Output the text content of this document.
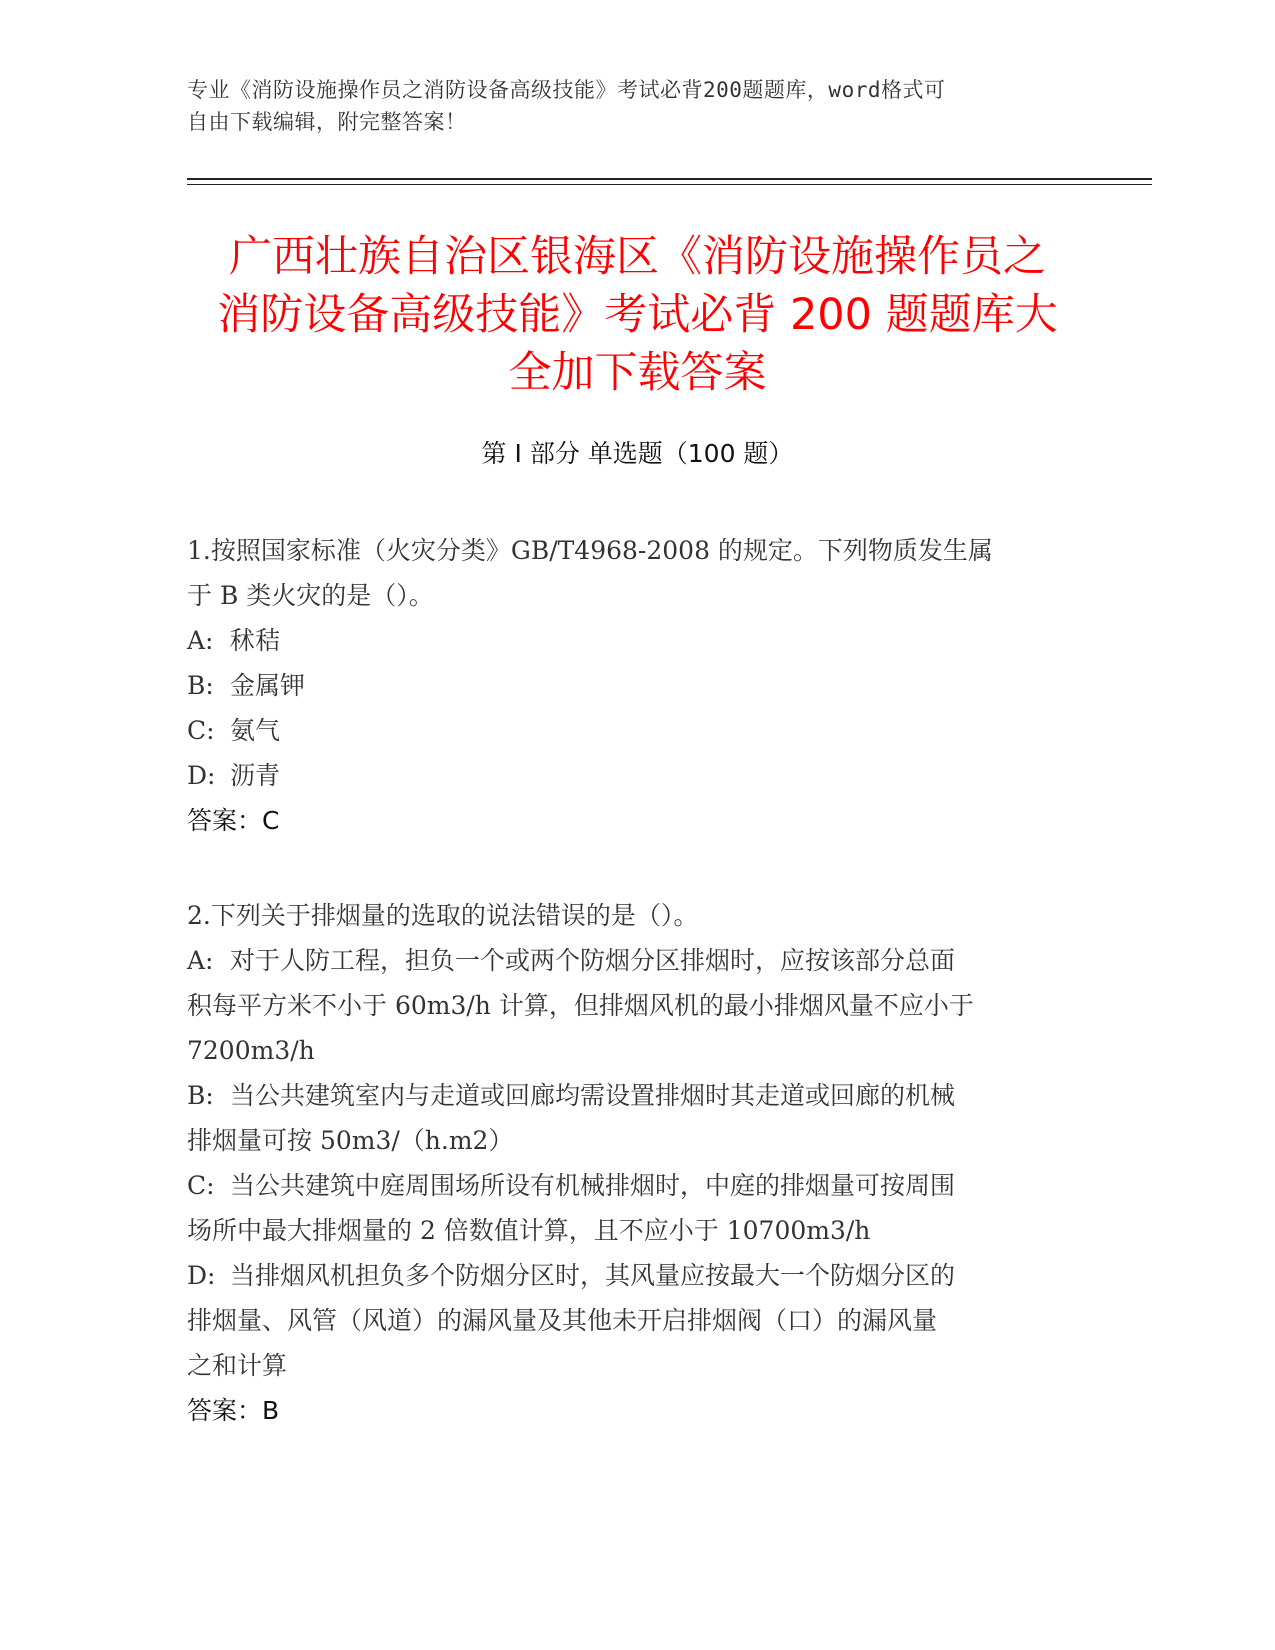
专业《消防设施操作员之消防设备高级技能》考试必背200题题库，word格式可
自由下载编辑，附完整答案！
广西壮族自治区银海区《消防设施操作员之
消防设备高级技能》考试必背 200 题题库大
全加下载答案
第 I 部分 单选题（100 题）

1.按照国家标准（火灾分类》GB/T4968-2008 的规定。下列物质发生属
于 B 类火灾的是（）。

A: 秫秸

B: 金属钾

C: 氨气

D: 沥青

答案：C

2.下列关于排烟量的选取的说法错误的是（）。

A: 对于人防工程，担负一个或两个防烟分区排烟时，应按该部分总面
积每平方米不小于 60m3/h 计算，但排烟风机的最小排烟风量不应小于
7200m3/h

B: 当公共建筑室内与走道或回廊均需设置排烟时其走道或回廊的机械
排烟量可按 50m3/（h.m2）

C: 当公共建筑中庭周围场所设有机械排烟时，中庭的排烟量可按周围
场所中最大排烟量的 2 倍数值计算，且不应小于 10700m3/h

D: 当排烟风机担负多个防烟分区时，其风量应按最大一个防烟分区的
排烟量、风管（风道）的漏风量及其他未开启排烟阀（口）的漏风量
之和计算

答案：B
